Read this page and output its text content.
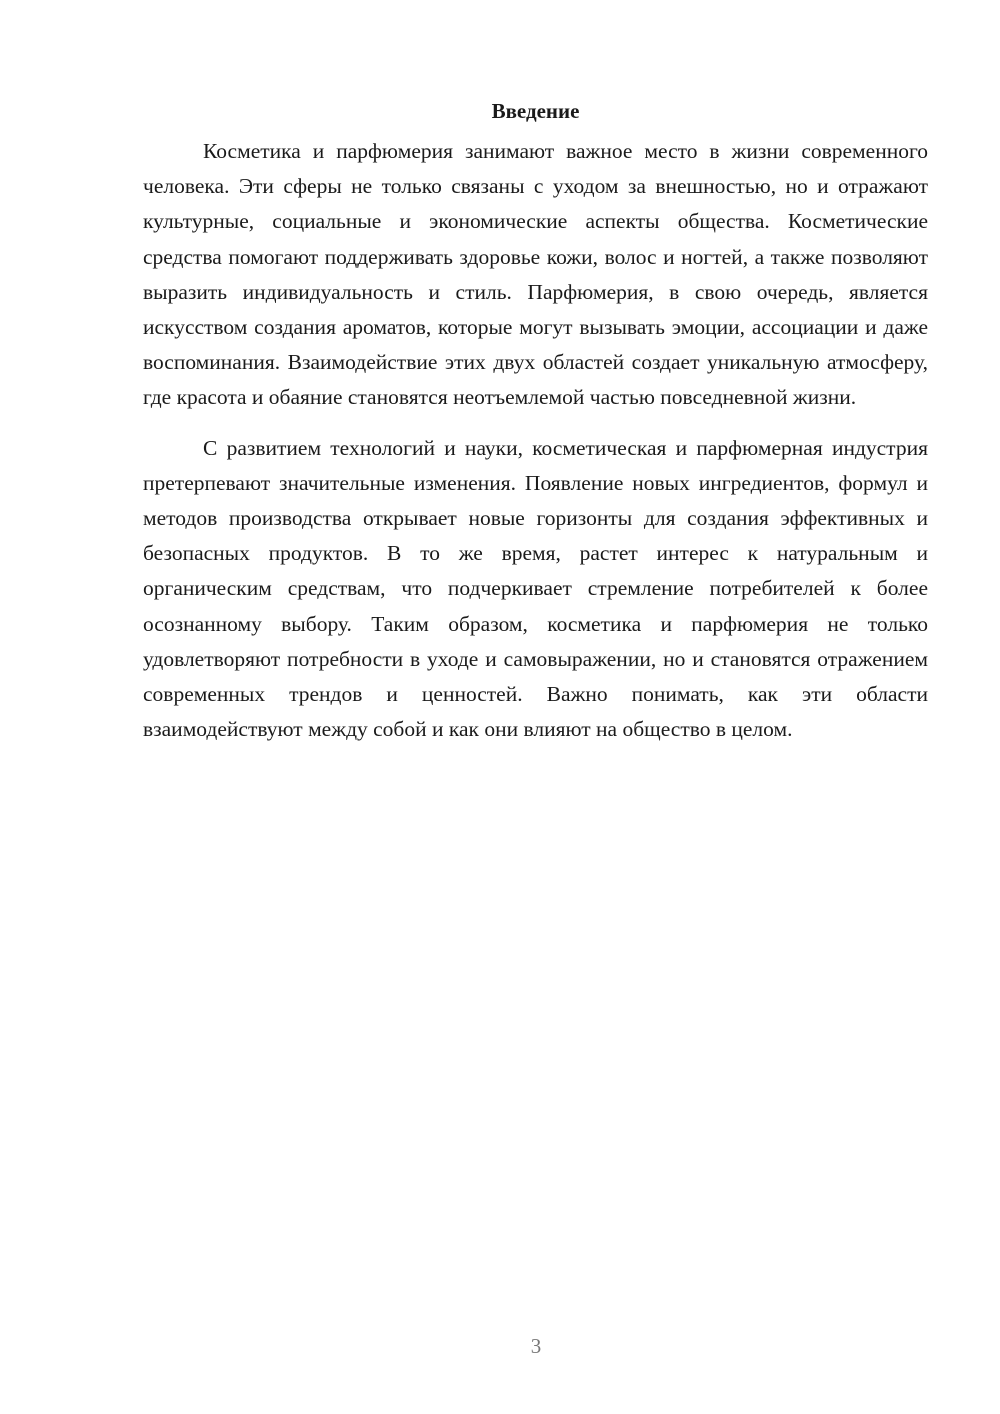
Введение

Косметика и парфюмерия занимают важное место в жизни современного человека. Эти сферы не только связаны с уходом за внешностью, но и отражают культурные, социальные и экономические аспекты общества. Косметические средства помогают поддерживать здоровье кожи, волос и ногтей, а также позволяют выразить индивидуальность и стиль. Парфюмерия, в свою очередь, является искусством создания ароматов, которые могут вызывать эмоции, ассоциации и даже воспоминания. Взаимодействие этих двух областей создает уникальную атмосферу, где красота и обаяние становятся неотъемлемой частью повседневной жизни.

С развитием технологий и науки, косметическая и парфюмерная индустрия претерпевают значительные изменения. Появление новых ингредиентов, формул и методов производства открывает новые горизонты для создания эффективных и безопасных продуктов. В то же время, растет интерес к натуральным и органическим средствам, что подчеркивает стремление потребителей к более осознанному выбору. Таким образом, косметика и парфюмерия не только удовлетворяют потребности в уходе и самовыражении, но и становятся отражением современных трендов и ценностей. Важно понимать, как эти области взаимодействуют между собой и как они влияют на общество в целом.

3
